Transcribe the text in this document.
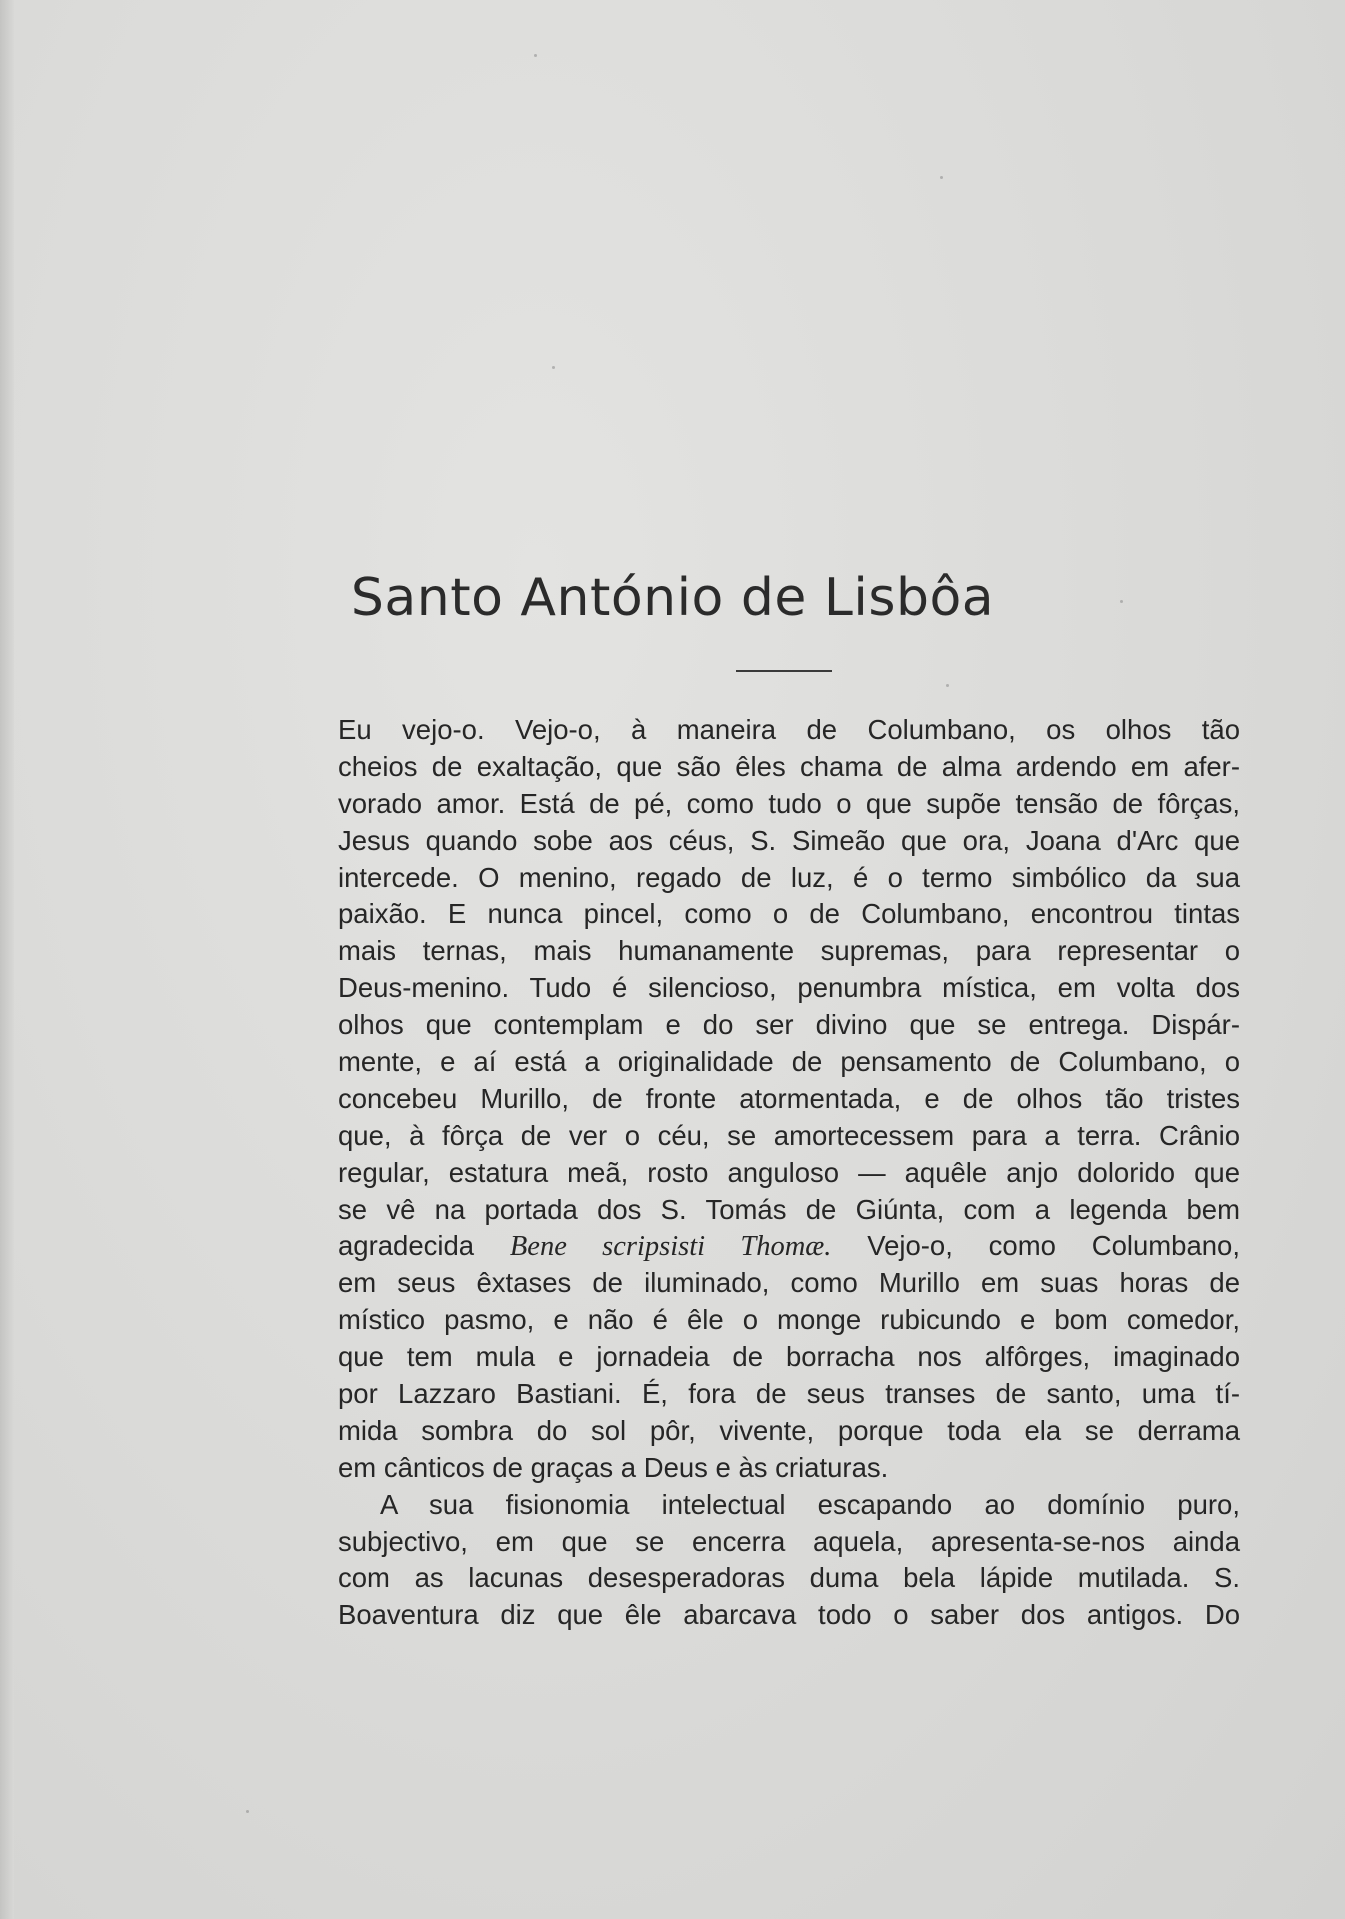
Santo António de Lisbôa
Eu vejo-o. Vejo-o, à maneira de Columbano, os olhos tão
cheios de exaltação, que são êles chama de alma ardendo em afer-
vorado amor. Está de pé, como tudo o que supõe tensão de fôrças,
Jesus quando sobe aos céus, S. Simeão que ora, Joana d'Arc que
intercede. O menino, regado de luz, é o termo simbólico da sua
paixão. E nunca pincel, como o de Columbano, encontrou tintas
mais ternas, mais humanamente supremas, para representar o
Deus-menino. Tudo é silencioso, penumbra mística, em volta dos
olhos que contemplam e do ser divino que se entrega. Dispár-
mente, e aí está a originalidade de pensamento de Columbano, o
concebeu Murillo, de fronte atormentada, e de olhos tão tristes
que, à fôrça de ver o céu, se amortecessem para a terra. Crânio
regular, estatura meã, rosto anguloso — aquêle anjo dolorido que
se vê na portada dos S. Tomás de Giúnta, com a legenda bem
agradecida Bene scripsisti Thomæ. Vejo-o, como Columbano,
em seus êxtases de iluminado, como Murillo em suas horas de
místico pasmo, e não é êle o monge rubicundo e bom comedor,
que tem mula e jornadeia de borracha nos alfôrges, imaginado
por Lazzaro Bastiani. É, fora de seus transes de santo, uma tí-
mida sombra do sol pôr, vivente, porque toda ela se derrama
em cânticos de graças a Deus e às criaturas.
A sua fisionomia intelectual escapando ao domínio puro,
subjectivo, em que se encerra aquela, apresenta-se-nos ainda
com as lacunas desesperadoras duma bela lápide mutilada. S.
Boaventura diz que êle abarcava todo o saber dos antigos. Do
